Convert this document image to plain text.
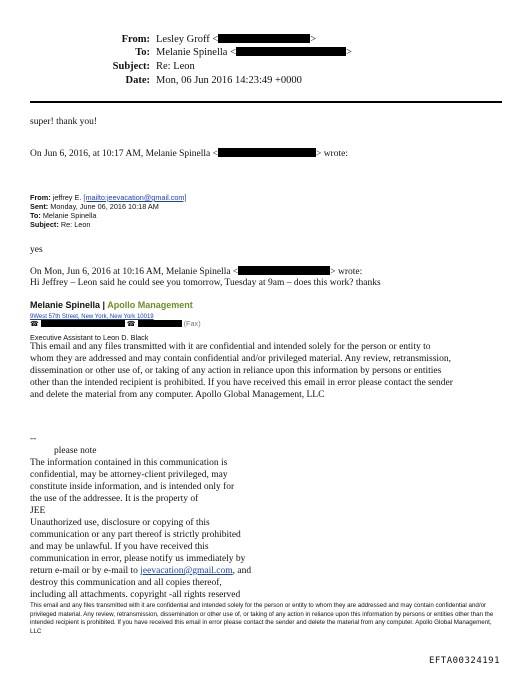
From: Lesley Groff <	>
To: Melanie Spinella <	>
Subject: Re: Leon
Date: Mon, 06 Jun 2016 14:23:49 +0000
super! thank you!
On Jun 6, 2016, at 10:17 AM, Melanie Spinella <	> wrote:
From: jeffrey E. [mailto:jeevacation@gmail.com]
Sent: Monday, June 06, 2016 10:18 AM
To: Melanie Spinella
Subject: Re: Leon
yes
On Mon, Jun 6, 2016 at 10:16 AM, Melanie Spinella <	> wrote:
Hi Jeffrey – Leon said he could see you tomorrow, Tuesday at 9am – does this work? thanks
Melanie Spinella | Apollo Management
9West 57th Street, New York, New York 10019
☎	☎	(Fax)
Executive Assistant to Leon D. Black
This email and any files transmitted with it are confidential and intended solely for the person or entity to
whom they are addressed and may contain confidential and/or privileged material. Any review, retransmission,
dissemination or other use of, or taking of any action in reliance upon this information by persons or entities
other than the intended recipient is prohibited. If you have received this email in error please contact the sender
and delete the material from any computer. Apollo Global Management, LLC
--
please note
The information contained in this communication is
confidential, may be attorney-client privileged, may
constitute inside information, and is intended only for
the use of the addressee. It is the property of
JEE
Unauthorized use, disclosure or copying of this
communication or any part thereof is strictly prohibited
and may be unlawful. If you have received this
communication in error, please notify us immediately by
return e-mail or by e-mail to jeevacation@gmail.com, and
destroy this communication and all copies thereof,
including all attachments. copyright -all rights reserved
This email and any files transmitted with it are confidential and intended solely for the person or entity to whom they are addressed and may contain confidential and/or privileged material. Any review, retransmission, dissemination or other use of, or taking of any action in reliance upon this information by persons or entities other than the intended recipient is prohibited. If you have received this email in error please contact the sender and delete the material from any computer. Apollo Global Management, LLC
EFTA00324191
